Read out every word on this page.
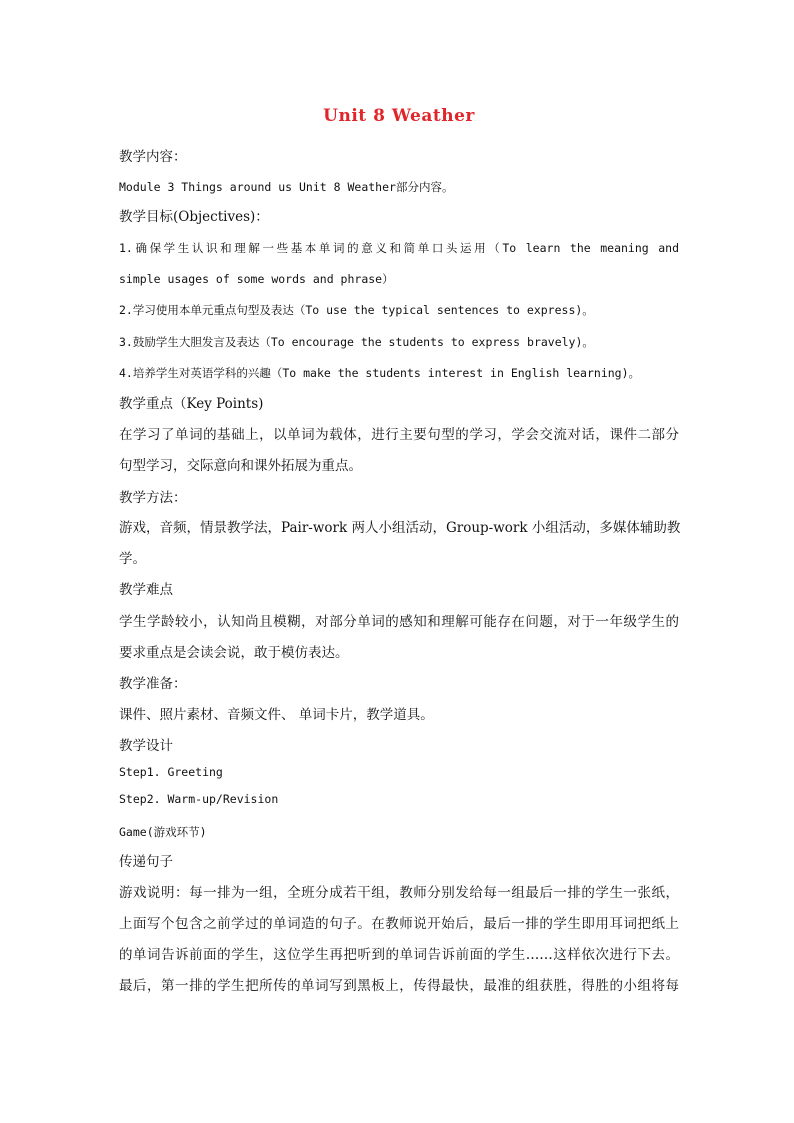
Unit 8 Weather
教学内容：
Module 3 Things around us Unit 8 Weather部分内容。
教学目标(Objectives)：
1.确保学生认识和理解一些基本单词的意义和简单口头运用（To learn the meaning and
simple usages of some words and phrase）
2.学习使用本单元重点句型及表达（To use the typical sentences to express)。
3.鼓励学生大胆发言及表达（To encourage the students to express bravely)。
4.培养学生对英语学科的兴趣（To make the students interest in English learning)。
教学重点（Key Points)
在学习了单词的基础上，以单词为载体，进行主要句型的学习，学会交流对话，课件二部分
句型学习，交际意向和课外拓展为重点。
教学方法：
游戏，音频，情景教学法，Pair-work 两人小组活动，Group-work 小组活动，多媒体辅助教
学。
教学难点
学生学龄较小，认知尚且模糊，对部分单词的感知和理解可能存在问题，对于一年级学生的
要求重点是会读会说，敢于模仿表达。
教学准备：
课件、照片素材、音频文件、 单词卡片，教学道具。
教学设计
Step1. Greeting
Step2. Warm-up/Revision
Game(游戏环节)
传递句子
游戏说明：每一排为一组，全班分成若干组，教师分别发给每一组最后一排的学生一张纸，
上面写个包含之前学过的单词造的句子。在教师说开始后，最后一排的学生即用耳词把纸上
的单词告诉前面的学生，这位学生再把听到的单词告诉前面的学生……这样依次进行下去。
最后，第一排的学生把所传的单词写到黑板上，传得最快，最准的组获胜，得胜的小组将每
